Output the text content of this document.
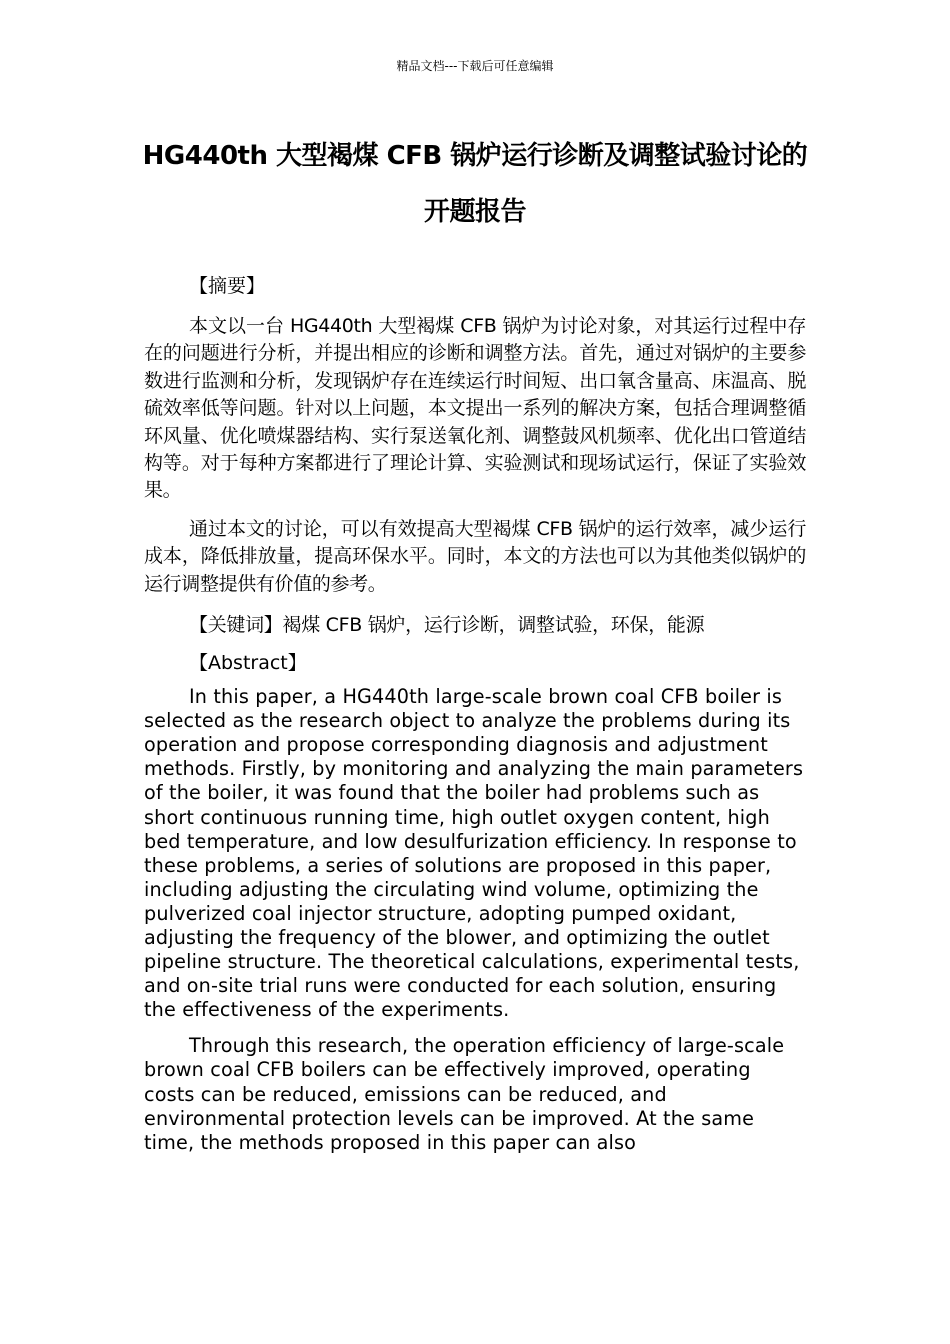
精品文档---下载后可任意编辑
HG440th 大型褐煤 CFB 锅炉运行诊断及调整试验讨论的开题报告
【摘要】

本文以一台 HG440th 大型褐煤 CFB 锅炉为讨论对象，对其运行过程中存在的问题进行分析，并提出相应的诊断和调整方法。首先，通过对锅炉的主要参数进行监测和分析，发现锅炉存在连续运行时间短、出口氧含量高、床温高、脱硫效率低等问题。针对以上问题，本文提出一系列的解决方案，包括合理调整循环风量、优化喷煤器结构、实行泵送氧化剂、调整鼓风机频率、优化出口管道结构等。对于每种方案都进行了理论计算、实验测试和现场试运行，保证了实验效果。

通过本文的讨论，可以有效提高大型褐煤 CFB 锅炉的运行效率，减少运行成本，降低排放量，提高环保水平。同时，本文的方法也可以为其他类似锅炉的运行调整提供有价值的参考。

【关键词】褐煤 CFB 锅炉，运行诊断，调整试验，环保，能源
【Abstract】

In this paper, a HG440th large-scale brown coal CFB boiler is selected as the research object to analyze the problems during its operation and propose corresponding diagnosis and adjustment methods. Firstly, by monitoring and analyzing the main parameters of the boiler, it was found that the boiler had problems such as short continuous running time, high outlet oxygen content, high bed temperature, and low desulfurization efficiency. In response to these problems, a series of solutions are proposed in this paper, including adjusting the circulating wind volume, optimizing the pulverized coal injector structure, adopting pumped oxidant, adjusting the frequency of the blower, and optimizing the outlet pipeline structure. The theoretical calculations, experimental tests, and on-site trial runs were conducted for each solution, ensuring the effectiveness of the experiments.

Through this research, the operation efficiency of large-scale brown coal CFB boilers can be effectively improved, operating costs can be reduced, emissions can be reduced, and environmental protection levels can be improved. At the same time, the methods proposed in this paper can also
